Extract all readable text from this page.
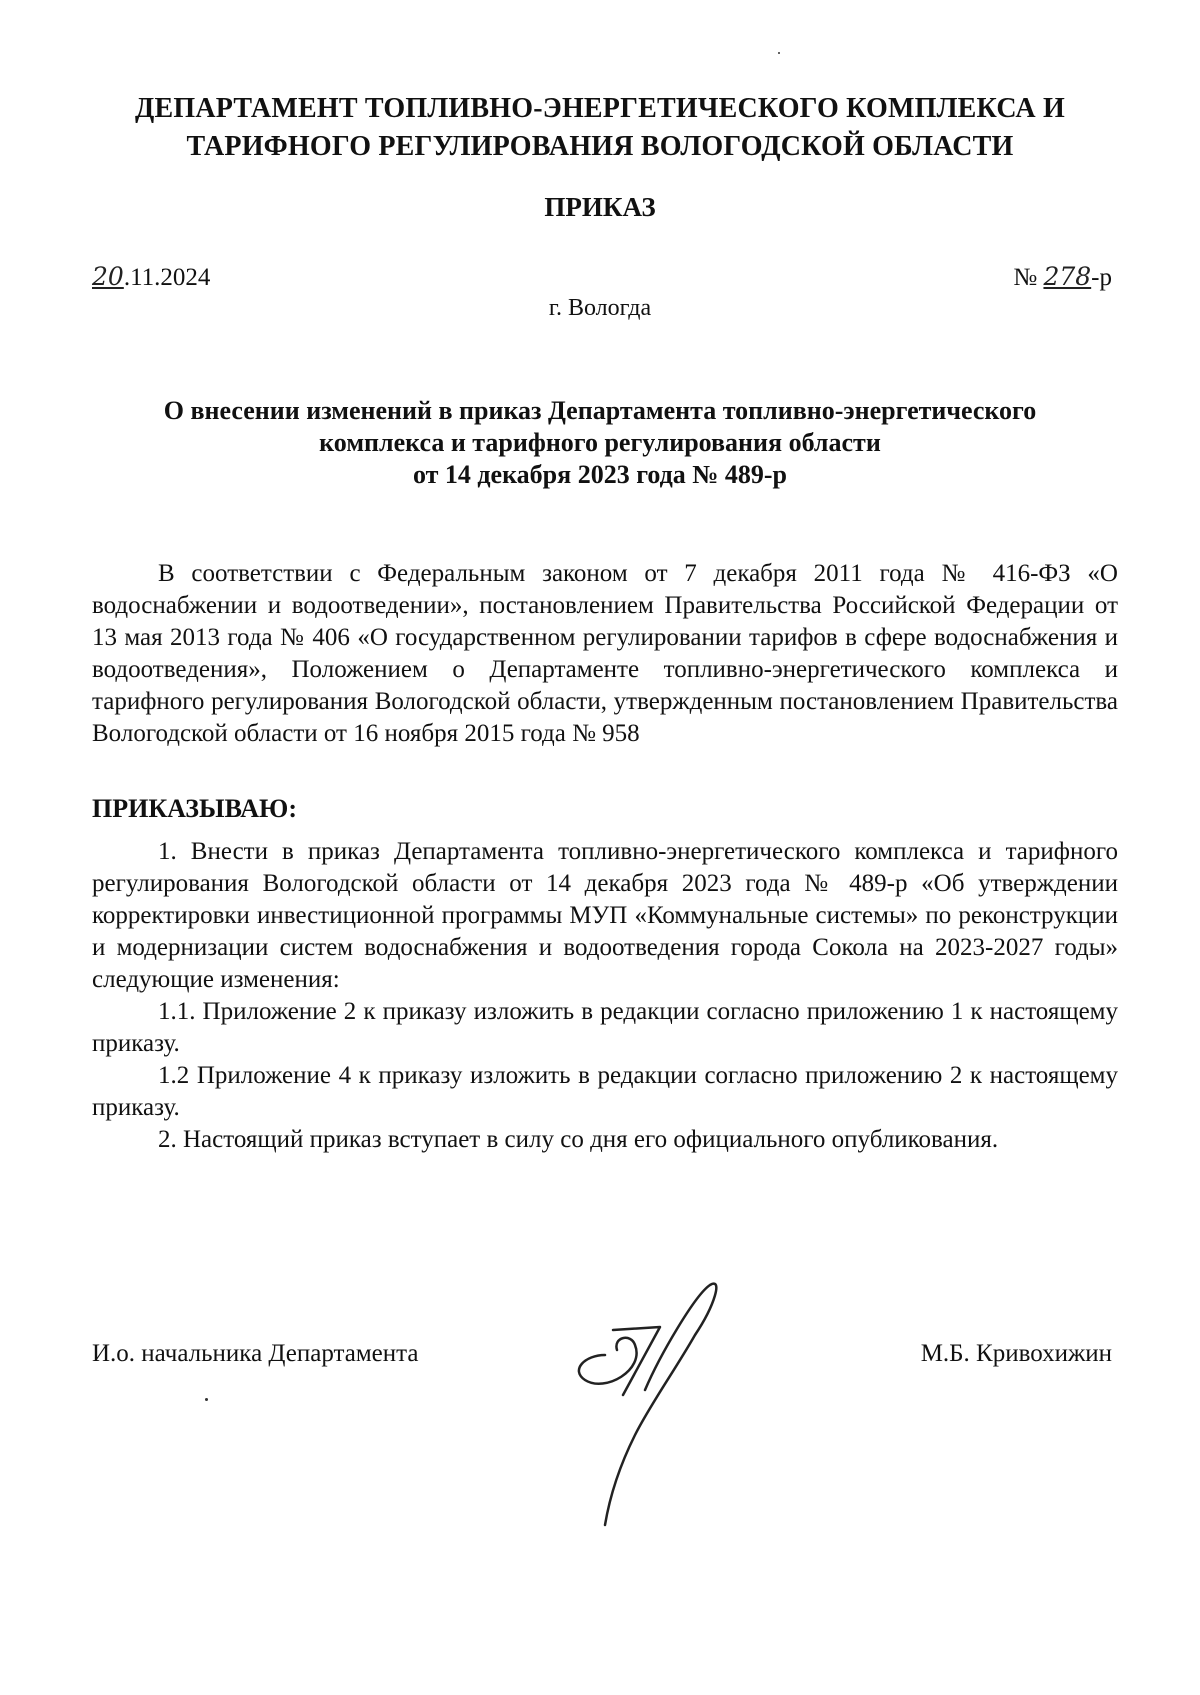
ДЕПАРТАМЕНТ ТОПЛИВНО-ЭНЕРГЕТИЧЕСКОГО КОМПЛЕКСА И
ТАРИФНОГО РЕГУЛИРОВАНИЯ ВОЛОГОДСКОЙ ОБЛАСТИ
ПРИКАЗ
20.11.2024	№ 278-р
г. Вологда
О внесении изменений в приказ Департамента топливно-энергетического
комплекса и тарифного регулирования области
от 14 декабря 2023 года № 489-р

В соответствии с Федеральным законом от 7 декабря 2011 года № 416-ФЗ «О водоснабжении и водоотведении», постановлением Правительства Российской Федерации от 13 мая 2013 года № 406 «О государственном регулировании тарифов в сфере водоснабжения и водоотведения», Положением о Департаменте топливно-энергетического комплекса и тарифного регулирования Вологодской области, утвержденным постановлением Правительства Вологодской области от 16 ноября 2015 года № 958

ПРИКАЗЫВАЮ:

1. Внести в приказ Департамента топливно-энергетического комплекса и тарифного регулирования Вологодской области от 14 декабря 2023 года № 489-р «Об утверждении корректировки инвестиционной программы МУП «Коммунальные системы» по реконструкции и модернизации систем водоснабжения и водоотведения города Сокола на 2023-2027 годы» следующие изменения:

1.1. Приложение 2 к приказу изложить в редакции согласно приложению 1 к настоящему приказу.

1.2 Приложение 4 к приказу изложить в редакции согласно приложению 2 к настоящему приказу.

2. Настоящий приказ вступает в силу со дня его официального опубликования.

И.о. начальника Департамента	М.Б. Кривохижин
